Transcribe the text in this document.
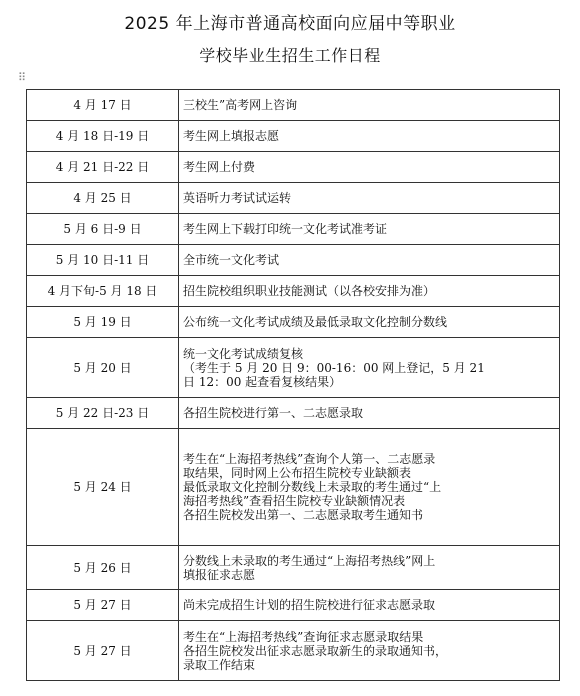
2025 年上海市普通高校面向应届中等职业
学校毕业生招生工作日程
⠿
4 月 17 日	三校生”高考网上咨询

4 月 18 日-19 日	考生网上填报志愿

4 月 21 日-22 日	考生网上付费

4 月 25 日	英语听力考试试运转

5 月 6 日-9 日	考生网上下载打印统一文化考试准考证

5 月 10 日-11 日	全市统一文化考试

4 月下旬-5 月 18 日	招生院校组织职业技能测试（以各校安排为准）

5 月 19 日	公布统一文化考试成绩及最低录取文化控制分数线

5 月 20 日	统一文化考试成绩复核
（考生于 5 月 20 日 9：00-16：00 网上登记，5 月 21
日 12：00 起查看复核结果）

5 月 22 日-23 日	各招生院校进行第一、二志愿录取

5 月 24 日	考生在“上海招考热线”查询个人第一、二志愿录
取结果，同时网上公布招生院校专业缺额表
最低录取文化控制分数线上未录取的考生通过“上
海招考热线”查看招生院校专业缺额情况表
各招生院校发出第一、二志愿录取考生通知书

5 月 26 日	分数线上未录取的考生通过“上海招考热线”网上
填报征求志愿

5 月 27 日	尚未完成招生计划的招生院校进行征求志愿录取

5 月 27 日	考生在“上海招考热线”查询征求志愿录取结果
各招生院校发出征求志愿录取新生的录取通知书，
录取工作结束
